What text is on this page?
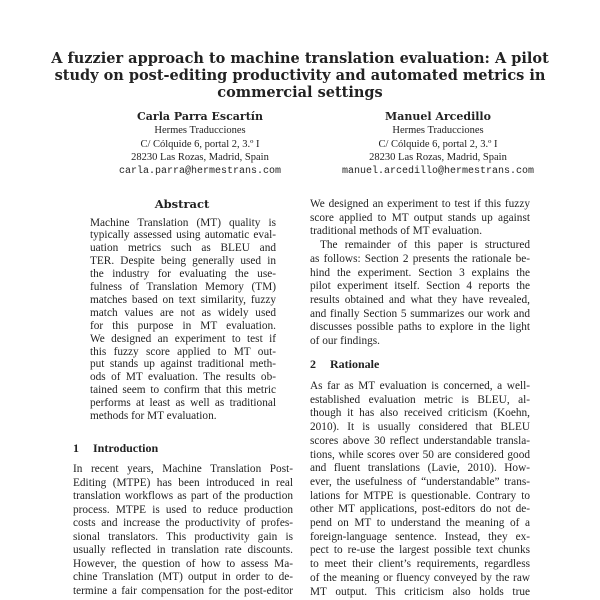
A fuzzier approach to machine translation evaluation: A pilot
study on post-editing productivity and automated metrics in
commercial settings
Carla Parra Escartín
Hermes Traducciones
C/ Cólquide 6, portal 2, 3.º I
28230 Las Rozas, Madrid, Spain
carla.parra@hermestrans.com
Manuel Arcedillo
Hermes Traducciones
C/ Cólquide 6, portal 2, 3.º I
28230 Las Rozas, Madrid, Spain
manuel.arcedillo@hermestrans.com
Abstract
1 Introduction
2 Rationale
Machine Translation (MT) quality is
typically assessed using automatic eval-
uation metrics such as BLEU and
TER. Despite being generally used in
the industry for evaluating the use-
fulness of Translation Memory (TM)
matches based on text similarity, fuzzy
match values are not as widely used
for this purpose in MT evaluation.
We designed an experiment to test if
this fuzzy score applied to MT out-
put stands up against traditional meth-
ods of MT evaluation. The results ob-
tained seem to confirm that this metric
performs at least as well as traditional
methods for MT evaluation.
In recent years, Machine Translation Post-
Editing (MTPE) has been introduced in real
translation workflows as part of the production
process. MTPE is used to reduce production
costs and increase the productivity of profes-
sional translators. This productivity gain is
usually reflected in translation rate discounts.
However, the question of how to assess Ma-
chine Translation (MT) output in order to de-
termine a fair compensation for the post-editor
We designed an experiment to test if this fuzzy
score applied to MT output stands up against
traditional methods of MT evaluation.
The remainder of this paper is structured
as follows: Section 2 presents the rationale be-
hind the experiment. Section 3 explains the
pilot experiment itself. Section 4 reports the
results obtained and what they have revealed,
and finally Section 5 summarizes our work and
discusses possible paths to explore in the light
of our findings.
As far as MT evaluation is concerned, a well-
established evaluation metric is BLEU, al-
though it has also received criticism (Koehn,
2010). It is usually considered that BLEU
scores above 30 reflect understandable transla-
tions, while scores over 50 are considered good
and fluent translations (Lavie, 2010). How-
ever, the usefulness of “understandable” trans-
lations for MTPE is questionable. Contrary to
other MT applications, post-editors do not de-
pend on MT to understand the meaning of a
foreign-language sentence. Instead, they ex-
pect to re-use the largest possible text chunks
to meet their client’s requirements, regardless
of the meaning or fluency conveyed by the raw
MT output. This criticism also holds true
